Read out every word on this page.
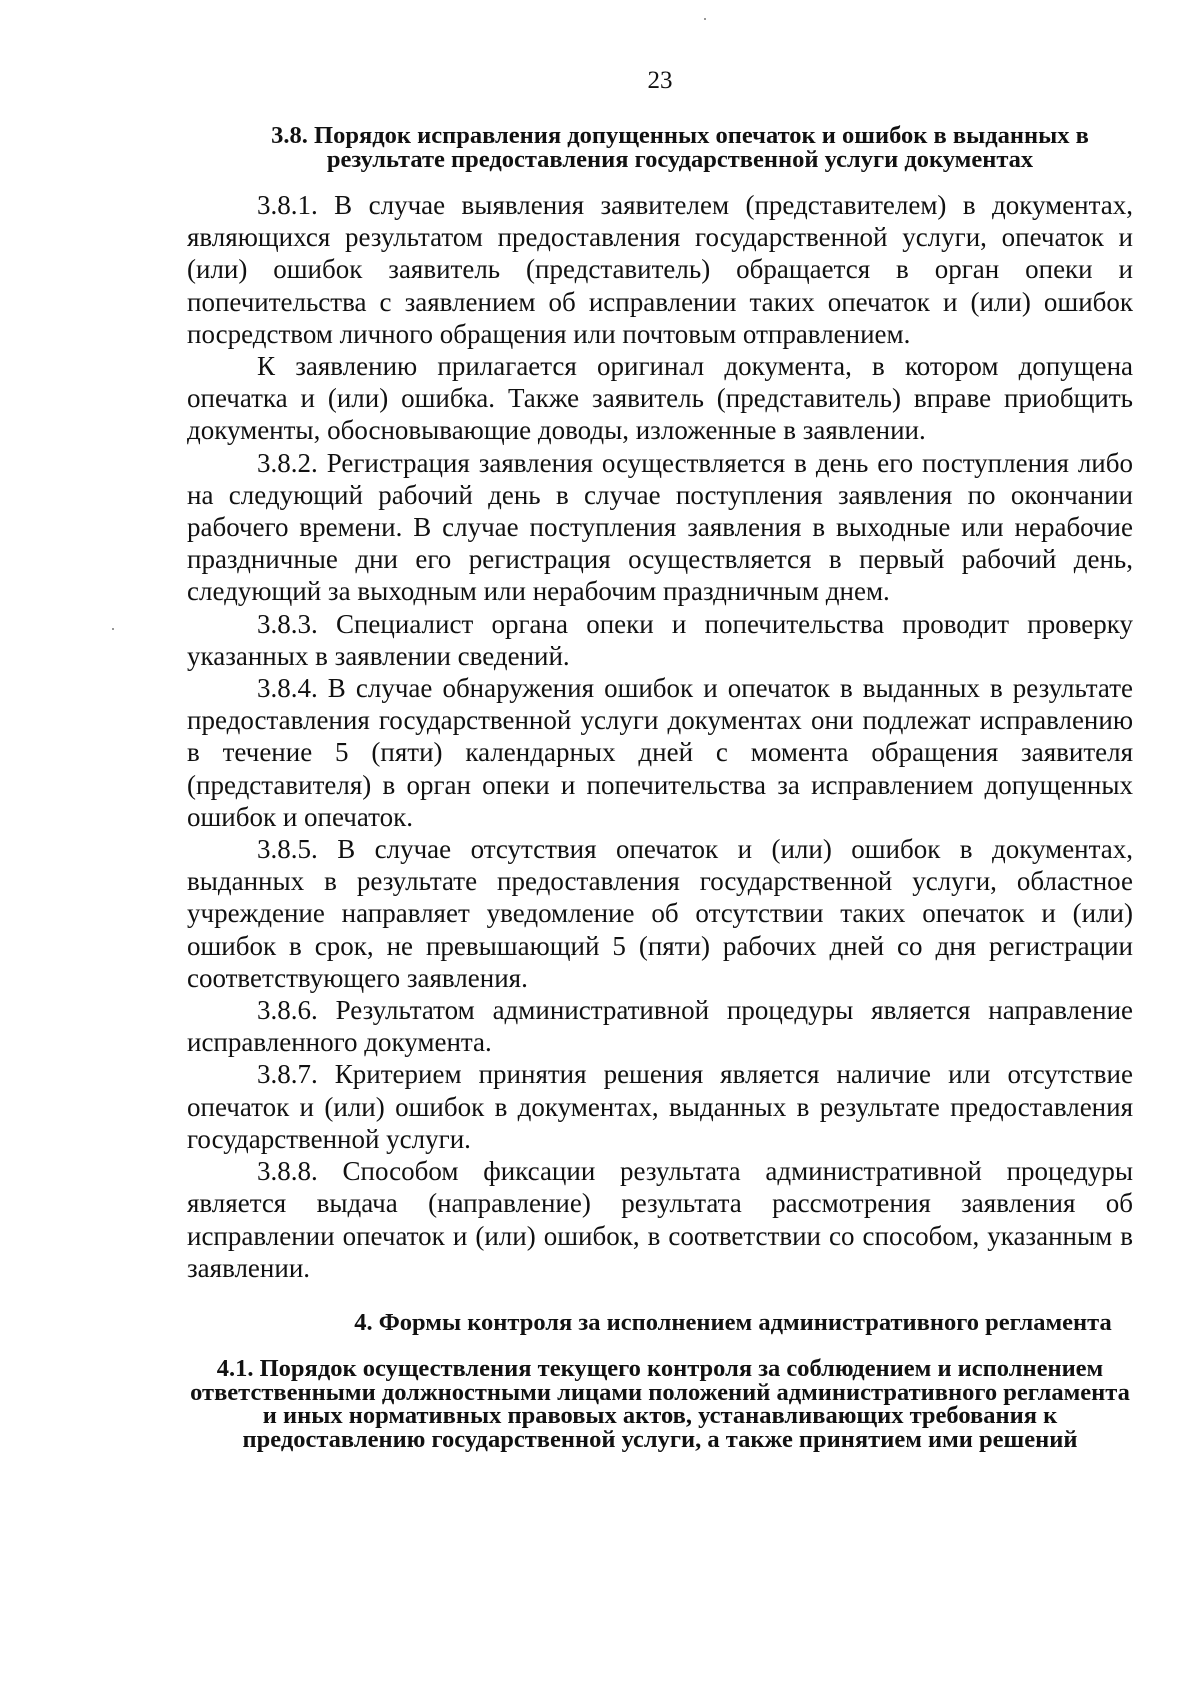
23
3.8. Порядок исправления допущенных опечаток и ошибок в выданных в результате предоставления государственной услуги документах

3.8.1. В случае выявления заявителем (представителем) в документах, являющихся результатом предоставления государственной услуги, опечаток и (или) ошибок заявитель (представитель) обращается в орган опеки и попечительства с заявлением об исправлении таких опечаток и (или) ошибок посредством личного обращения или почтовым отправлением.

К заявлению прилагается оригинал документа, в котором допущена опечатка и (или) ошибка. Также заявитель (представитель) вправе приобщить документы, обосновывающие доводы, изложенные в заявлении.

3.8.2. Регистрация заявления осуществляется в день его поступления либо на следующий рабочий день в случае поступления заявления по окончании рабочего времени. В случае поступления заявления в выходные или нерабочие праздничные дни его регистрация осуществляется в первый рабочий день, следующий за выходным или нерабочим праздничным днем.

3.8.3. Специалист органа опеки и попечительства проводит проверку указанных в заявлении сведений.

3.8.4. В случае обнаружения ошибок и опечаток в выданных в результате предоставления государственной услуги документах они подлежат исправлению в течение 5 (пяти) календарных дней с момента обращения заявителя (представителя) в орган опеки и попечительства за исправлением допущенных ошибок и опечаток.

3.8.5. В случае отсутствия опечаток и (или) ошибок в документах, выданных в результате предоставления государственной услуги, областное учреждение направляет уведомление об отсутствии таких опечаток и (или) ошибок в срок, не превышающий 5 (пяти) рабочих дней со дня регистрации соответствующего заявления.

3.8.6. Результатом административной процедуры является направление исправленного документа.

3.8.7. Критерием принятия решения является наличие или отсутствие опечаток и (или) ошибок в документах, выданных в результате предоставления государственной услуги.

3.8.8. Способом фиксации результата административной процедуры является выдача (направление) результата рассмотрения заявления об исправлении опечаток и (или) ошибок, в соответствии со способом, указанным в заявлении.

4. Формы контроля за исполнением административного регламента
4.1. Порядок осуществления текущего контроля за соблюдением и исполнением ответственными должностными лицами положений административного регламента и иных нормативных правовых актов, устанавливающих требования к предоставлению государственной услуги, а также принятием ими решений
